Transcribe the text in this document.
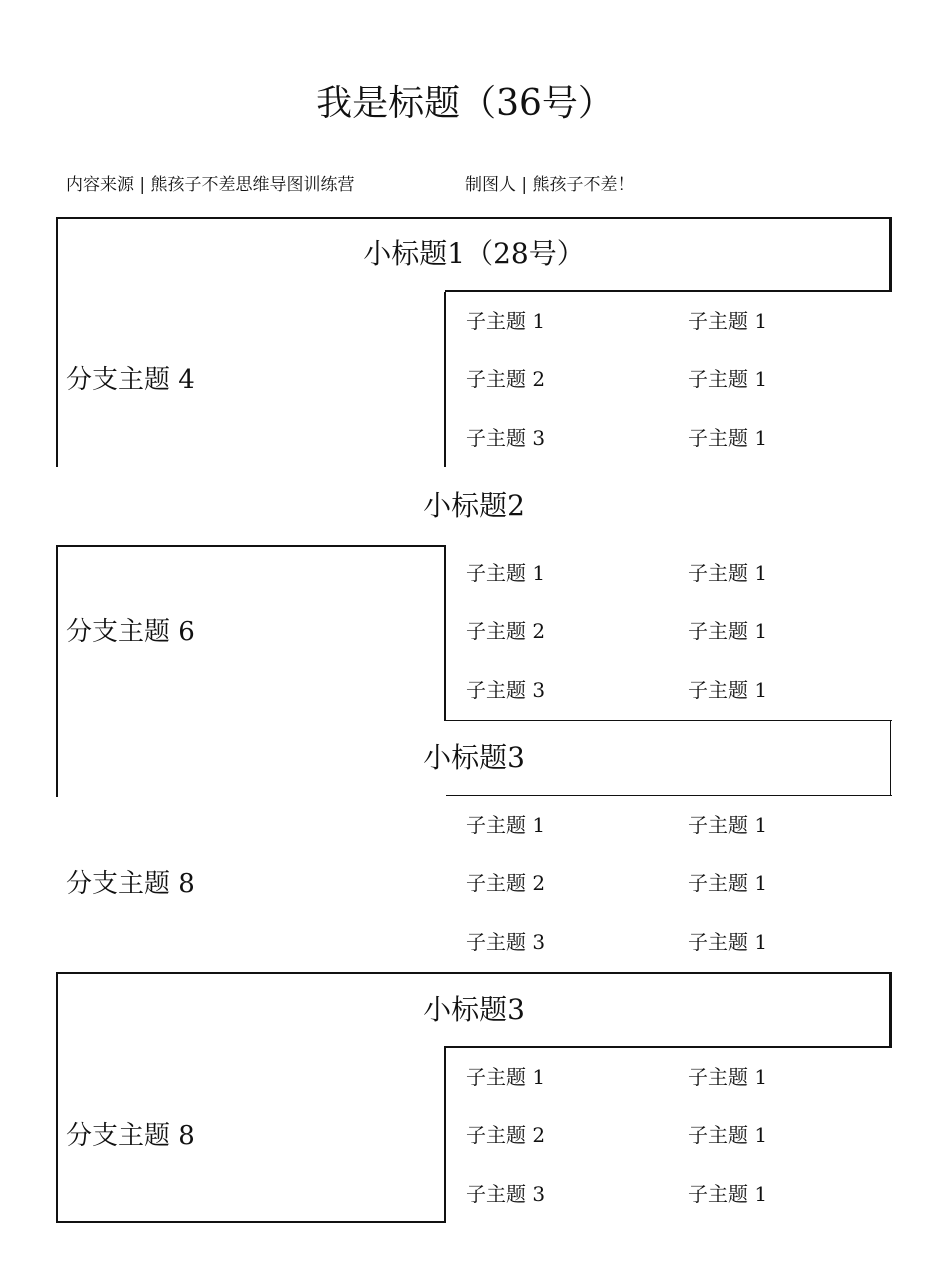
我是标题（36号）
内容来源 | 熊孩子不差思维导图训练营	制图人 | 熊孩子不差！
小标题1（28号）
分支主题 4
子主题 1	子主题 1
子主题 2	子主题 1
子主题 3	子主题 1
小标题2
分支主题 6
子主题 1	子主题 1
子主题 2	子主题 1
子主题 3	子主题 1
小标题3
分支主题 8
子主题 1	子主题 1
子主题 2	子主题 1
子主题 3	子主题 1
小标题3
分支主题 8
子主题 1	子主题 1
子主题 2	子主题 1
子主题 3	子主题 1
